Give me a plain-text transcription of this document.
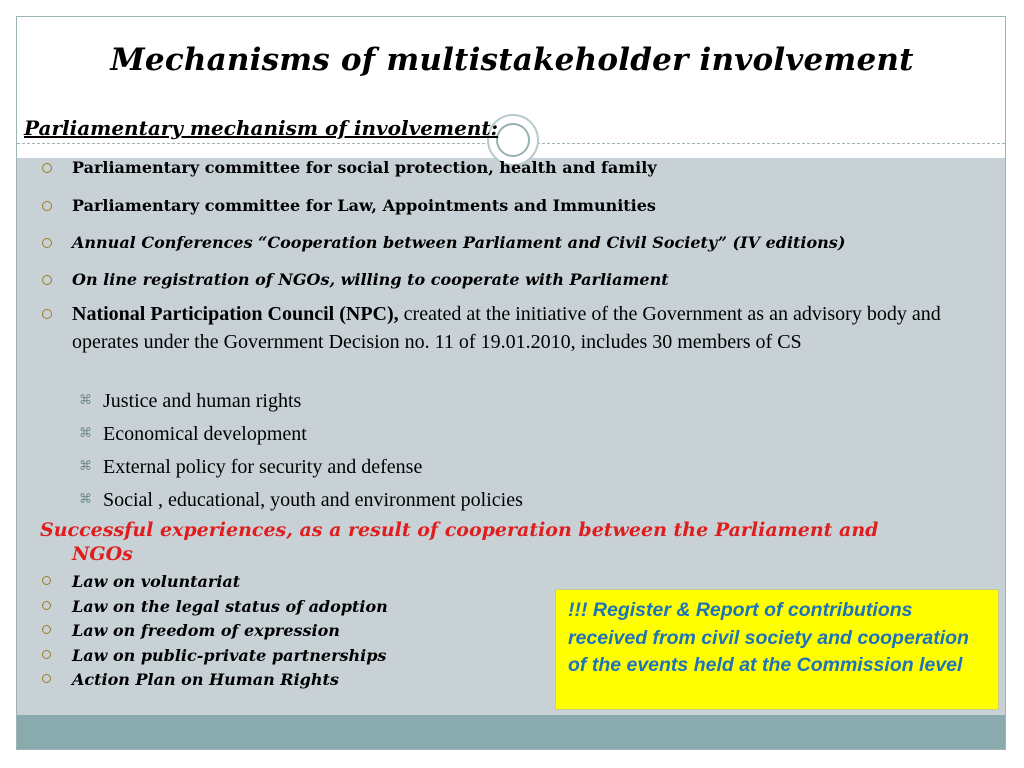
Mechanisms of multistakeholder involvement
Parliamentary mechanism of involvement:
Parliamentary committee for social protection, health and family
Parliamentary committee for Law, Appointments and Immunities
Annual Conferences “Cooperation between Parliament and Civil Society” (IV editions)
On line registration of NGOs, willing to cooperate with Parliament
National Participation Council (NPC), created at the initiative of the Government as an advisory body and operates under the Government Decision no. 11 of 19.01.2010, includes 30 members of CS
⌘ Justice and human rights
⌘ Economical development
⌘ External policy for security and defense
⌘ Social , educational, youth and environment policies
Successful experiences, as a result of cooperation between the Parliament and
NGOs
Law on voluntariat
Law on the legal status of adoption
Law on freedom of expression
Law on public-private partnerships
Action Plan on Human Rights
!!! Register & Report of contributions received from civil society and cooperation of the events held at the Commission level
